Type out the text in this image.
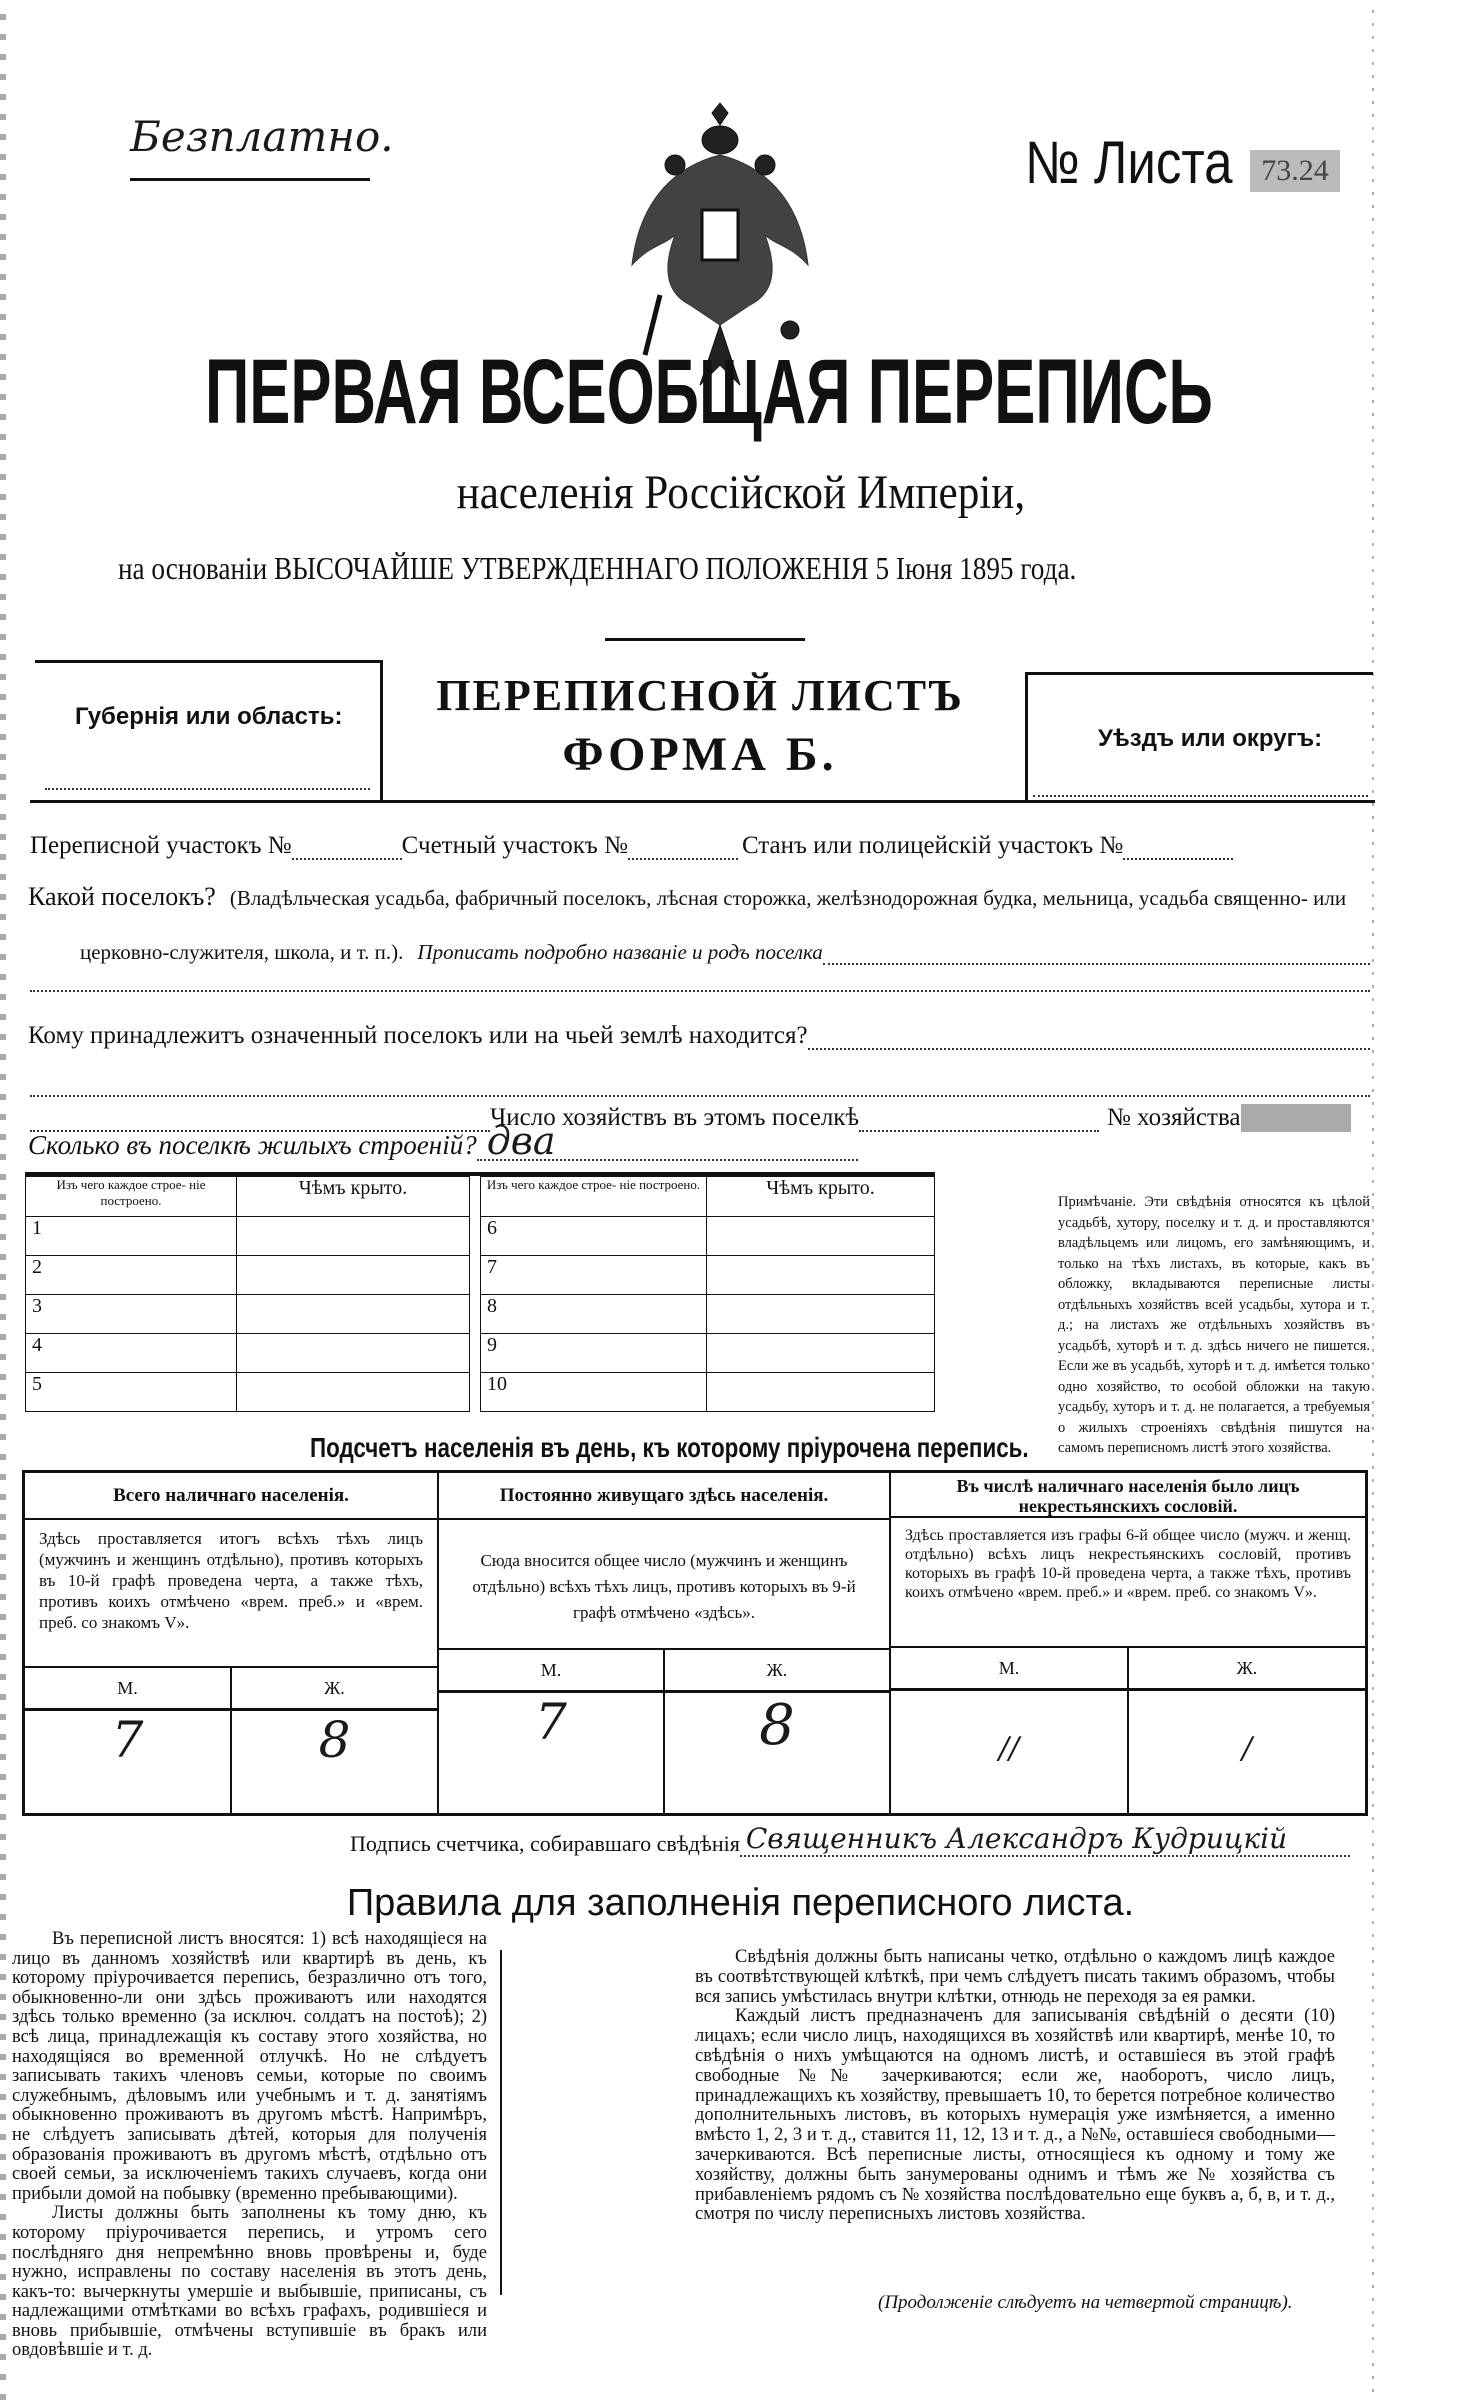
Безплатно.	№ Листа 73.24
ПЕРВАЯ ВСЕОБЩАЯ ПЕРЕПИСЬ
населенія Россійской Имперіи,
на основаніи ВЫСОЧАЙШЕ УТВЕРЖДЕННАГО ПОЛОЖЕНІЯ 5 Іюня 1895 года.
Губернія или область:	ПЕРЕПИСНОЙ ЛИСТЪ
ФОРМА Б.	Уѣздъ или округъ:
Переписной участокъ №	Счетный участокъ №	Станъ или полицейскій участокъ №
Какой поселокъ? (Владѣльческая усадьба, фабричный поселокъ, лѣсная сторожка, желѣзнодорожная будка, мельница, усадьба священно- или
церковно-служителя, школа, и т. п.). Прописать подробно названіе и родъ поселка
Кому принадлежитъ означенный поселокъ или на чьей землѣ находится?
Число хозяйствъ въ этомъ поселкѣ	№ хозяйства
Сколько въ поселкѣ жилыхъ строеній? два
Изъ чего каждое строе- ніе построено.	Чѣмъ крыто.
1	
2	
3	
4	
5	
Изъ чего каждое строе- ніе построено.	Чѣмъ крыто.
6	
7	
8	
9	
10	
Примѣчаніе. Эти свѣдѣнія относятся къ цѣлой усадьбѣ, хутору, поселку и т. д. и проставляются владѣльцемъ или лицомъ, его замѣняющимъ, и только на тѣхъ листахъ, въ которые, какъ въ обложку, вкладываются переписные листы отдѣльныхъ хозяйствъ всей усадьбы, хутора и т. д.; на листахъ же отдѣльныхъ хозяйствъ въ усадьбѣ, хуторѣ и т. д. здѣсь ничего не пишется. Если же въ усадьбѣ, хуторѣ и т. д. имѣется только одно хозяйство, то особой обложки на такую усадьбу, хуторъ и т. д. не полагается, а требуемыя о жилыхъ строеніяхъ свѣдѣнія пишутся на самомъ переписномъ листѣ этого хозяйства.
Подсчетъ населенія въ день, къ которому пріурочена перепись.
Всего наличнаго населенія.
Здѣсь проставляется итогъ всѣхъ тѣхъ лицъ (мужчинъ и женщинъ отдѣльно), противъ которыхъ въ 10-й графѣ проведена черта, а также тѣхъ, противъ коихъ отмѣчено «врем. преб.» и «врем. преб. со знакомъ V».
М.	Ж.
7	8
Постоянно живущаго здѣсь населенія.
Сюда вносится общее число (мужчинъ и женщинъ отдѣльно) всѣхъ тѣхъ лицъ, противъ которыхъ въ 9-й графѣ отмѣчено «здѣсь».
М.	Ж.
7	8
Въ числѣ наличнаго населенія было лицъ некрестьянскихъ сословій.
Здѣсь проставляется изъ графы 6-й общее число (мужч. и женщ. отдѣльно) всѣхъ лицъ некрестьянскихъ сословій, противъ которыхъ въ графѣ 10-й проведена черта, а также тѣхъ, противъ коихъ отмѣчено «врем. преб.» и «врем. преб. со знакомъ V».
М.	Ж.
//	/
Подпись счетчика, собиравшаго свѣдѣнія Священникъ Александръ Кудрицкій
Правила для заполненія переписного листа.

Въ переписной листъ вносятся: 1) всѣ находящіеся на лицо въ данномъ хозяйствѣ или квартирѣ въ день, къ которому пріурочивается перепись, безразлично отъ того, обыкновенно-ли они здѣсь проживаютъ или находятся здѣсь только временно (за исключ. солдатъ на постоѣ); 2) всѣ лица, принадлежащія къ составу этого хозяйства, но находящіяся во временной отлучкѣ. Но не слѣдуетъ записывать такихъ членовъ семьи, которые по своимъ служебнымъ, дѣловымъ или учебнымъ и т. д. занятіямъ обыкновенно проживаютъ въ другомъ мѣстѣ. Напримѣръ, не слѣдуетъ записывать дѣтей, которыя для полученія образованія проживаютъ въ другомъ мѣстѣ, отдѣльно отъ своей семьи, за исключеніемъ такихъ случаевъ, когда они прибыли домой на побывку (временно пребывающими).

Листы должны быть заполнены къ тому дню, къ которому пріурочивается перепись, и утромъ сего послѣдняго дня непремѣнно вновь провѣрены и, буде нужно, исправлены по составу населенія въ этотъ день, какъ-то: вычеркнуты умершіе и выбывшіе, приписаны, съ надлежащими отмѣтками во всѣхъ графахъ, родившіеся и вновь прибывшіе, отмѣчены вступившіе въ бракъ или овдовѣвшіе и т. д.

Свѣдѣнія должны быть написаны четко, отдѣльно о каждомъ лицѣ каждое въ соотвѣтствующей клѣткѣ, при чемъ слѣдуетъ писать такимъ образомъ, чтобы вся запись умѣстилась внутри клѣтки, отнюдь не переходя за ея рамки.

Каждый листъ предназначенъ для записыванія свѣдѣній о десяти (10) лицахъ; если число лицъ, находящихся въ хозяйствѣ или квартирѣ, менѣе 10, то свѣдѣнія о нихъ умѣщаются на одномъ листѣ, и оставшіеся въ этой графѣ свободные №№ зачеркиваются; если же, наоборотъ, число лицъ, принадлежащихъ къ хозяйству, превышаетъ 10, то берется потребное количество дополнительныхъ листовъ, въ которыхъ нумерація уже измѣняется, а именно вмѣсто 1, 2, 3 и т. д., ставится 11, 12, 13 и т. д., а №№, оставшіеся свободными—зачеркиваются. Всѣ переписные листы, относящіеся къ одному и тому же хозяйству, должны быть занумерованы однимъ и тѣмъ же № хозяйства съ прибавленіемъ рядомъ съ № хозяйства послѣдовательно еще буквъ а, б, в, и т. д., смотря по числу переписныхъ листовъ хозяйства.

(Продолженіе слѣдуетъ на четвертой страницѣ).
